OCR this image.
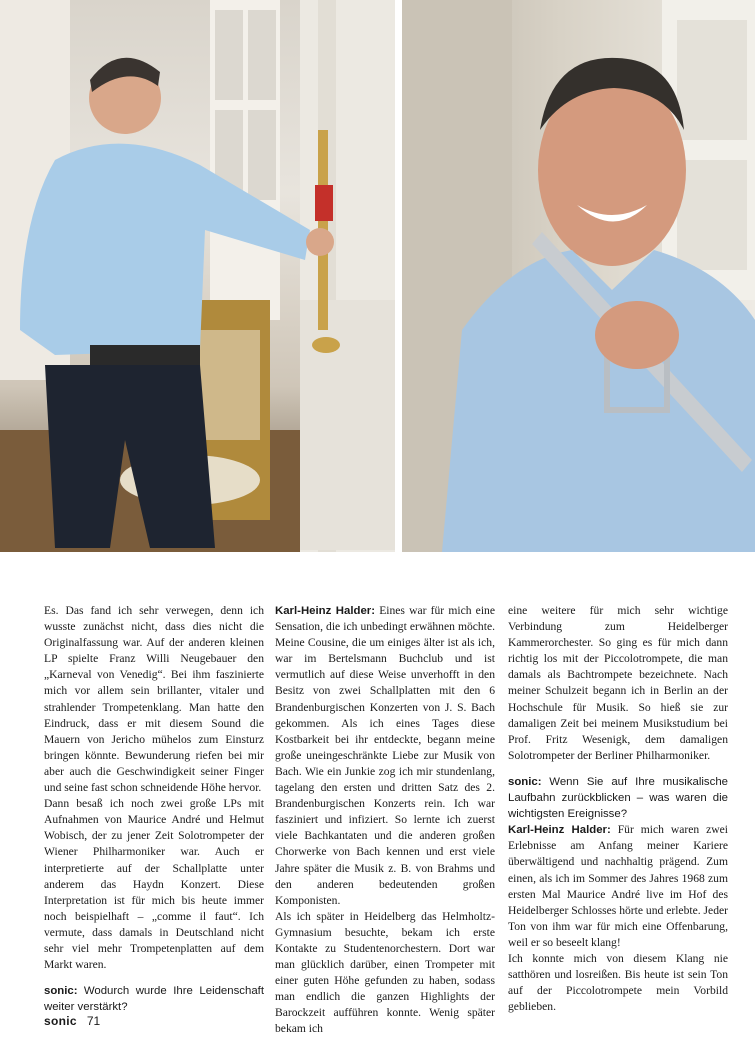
Es. Das fand ich sehr verwegen, denn ich wusste zunächst nicht, dass dies nicht die Originalfassung war. Auf der anderen kleinen LP spielte Franz Willi Neugebauer den „Karneval von Venedig“. Bei ihm faszinierte mich vor allem sein brillanter, vitaler und strahlender Trompetenklang. Man hatte den Eindruck, dass er mit diesem Sound die Mauern von Jericho mühelos zum Einsturz bringen könnte. Bewunderung riefen bei mir aber auch die Geschwindigkeit seiner Finger und seine fast schon schneidende Höhe hervor.

Dann besaß ich noch zwei große LPs mit Aufnahmen von Maurice André und Helmut Wobisch, der zu jener Zeit Solotrompeter der Wiener Philharmoniker war. Auch er interpretierte auf der Schallplatte unter anderem das Haydn Konzert. Diese Interpretation ist für mich bis heute immer noch beispielhaft – „comme il faut“. Ich vermute, dass damals in Deutschland nicht sehr viel mehr Trompetenplatten auf dem Markt waren.

sonic: Wodurch wurde Ihre Leidenschaft weiter verstärkt?

Karl-Heinz Halder: Eines war für mich eine Sensation, die ich unbedingt erwähnen möchte. Meine Cousine, die um einiges älter ist als ich, war im Bertelsmann Buchclub und ist vermutlich auf diese Weise unverhofft in den Besitz von zwei Schallplatten mit den 6 Brandenburgischen Konzerten von J. S. Bach gekommen. Als ich eines Tages diese Kostbarkeit bei ihr entdeckte, begann meine große uneingeschränkte Liebe zur Musik von Bach. Wie ein Junkie zog ich mir stundenlang, tagelang den ersten und dritten Satz des 2. Brandenburgischen Konzerts rein. Ich war fasziniert und infiziert. So lernte ich zuerst viele Bachkantaten und die anderen großen Chorwerke von Bach kennen und erst viele Jahre später die Musik z. B. von Brahms und den anderen bedeutenden großen Komponisten.

Als ich später in Heidelberg das Helmholtz-Gymnasium besuchte, bekam ich erste Kontakte zu Studentenorchestern. Dort war man glücklich darüber, einen Trompeter mit einer guten Höhe gefunden zu haben, sodass man endlich die ganzen Highlights der Barockzeit aufführen konnte. Wenig später bekam ich

eine weitere für mich sehr wichtige Verbindung zum Heidelberger Kammerorchester. So ging es für mich dann richtig los mit der Piccolotrompete, die man damals als Bachtrompete bezeichnete. Nach meiner Schulzeit begann ich in Berlin an der Hochschule für Musik. So hieß sie zur damaligen Zeit bei meinem Musikstudium bei Prof. Fritz Wesenigk, dem damaligen Solotrompeter der Berliner Philharmoniker.

sonic: Wenn Sie auf Ihre musikalische Laufbahn zurückblicken – was waren die wichtigsten Ereignisse?

Karl-Heinz Halder: Für mich waren zwei Erlebnisse am Anfang meiner Kariere überwältigend und nachhaltig prägend. Zum einen, als ich im Sommer des Jahres 1968 zum ersten Mal Maurice André live im Hof des Heidelberger Schlosses hörte und erlebte. Jeder Ton von ihm war für mich eine Offenbarung, weil er so beseelt klang!

Ich konnte mich von diesem Klang nie satthören und losreißen. Bis heute ist sein Ton auf der Piccolotrompete mein Vorbild geblieben.

sonic 71
